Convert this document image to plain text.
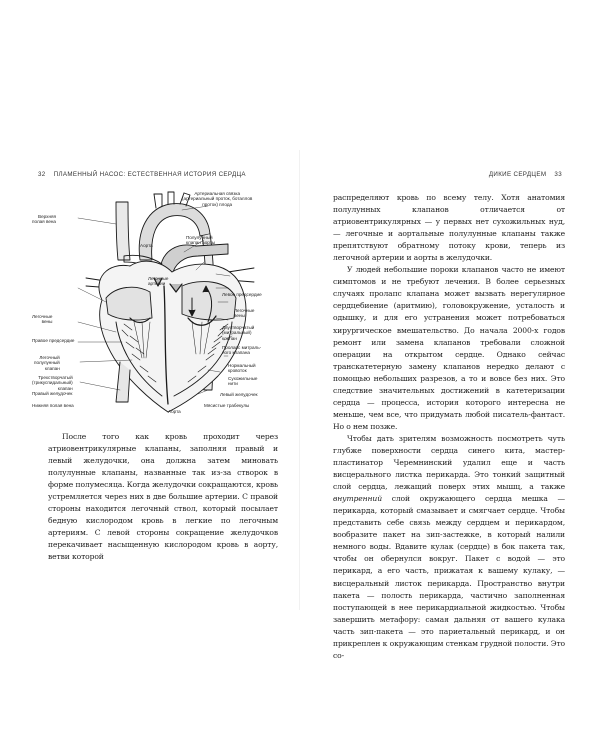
32 ПЛАМЕННЫЙ НАСОС: ЕСТЕСТВЕННАЯ ИСТОРИЯ СЕРДЦА
Верхняя
полая вена
Аорта
Артериальная связка
(артериальный проток, боталлов
проток) плода
Полулунный
клапан аорты
Легочные
артерии
Левое предсердие
Легочные
вены
Легочные
вены
Двустворчатый
(митральный)
клапан
Правое предсердие
Пролапс митраль-
ного клапана
Легочный
полулунный
клапан
Нормальный
кровоток
Трехстворчатый
(трикуспидальный)
клапан
Сухожильные
нити
Правый желудочек	Левый желудочек
Нижняя полая вена	Мясистые трабекулы
Аорта

После того как кровь проходит через атриовентрикулярные клапаны, заполняя правый и левый желудочки, она должна затем миновать полулунные клапаны, названные так из-за створок в форме полумесяца. Когда желудочки сокращаются, кровь устремляется через них в две большие артерии. С правой стороны находится легочный ствол, который посылает бедную кислородом кровь в легкие по легочным артериям. С левой стороны сокращение желудочков перекачивает насыщенную кислородом кровь в аорту, ветви которой

ДИКИЕ СЕРДЦЕМ 33

распределяют кровь по всему телу. Хотя анатомия полулунных клапанов отличается от атриовентрикулярных — у первых нет сухожильных нуд, — легочные и аортальные полулунные клапаны также препятствуют обратному потоку крови, теперь из легочной артерии и аорты в желудочки.

У людей небольшие пороки клапанов часто не имеют симптомов и не требуют лечения. В более серьезных случаях пролапс клапана может вызвать нерегулярное сердцебиение (аритмию), головокружение, усталость и одышку, и для его устранения может потребоваться хирургическое вмешательство. До начала 2000-х годов ремонт или замена клапанов требовали сложной операции на открытом сердце. Однако сейчас транскатетерную замену клапанов нередко делают с помощью небольших разрезов, а то и вовсе без них. Это следствие значительных достижений в катетеризации сердца — процесса, история которого интересна не меньше, чем все, что придумать любой писатель-фантаст. Но о нем позже.

Чтобы дать зрителям возможность посмотреть чуть глубже поверхности сердца синего кита, мастер-пластинатор Черемнинский удалил еще и часть висцерального листка перикарда. Это тонкий защитный слой сердца, лежащий поверх этих мышц, а также внутренний слой окружающего сердца мешка — перикарда, который смазывает и смягчает сердце. Чтобы представить себе связь между сердцем и перикардом, вообразите пакет на зип-застежке, в который налили немного воды. Вдавите кулак (сердце) в бок пакета так, чтобы он обернулся вокруг. Пакет с водой — это перикард, а его часть, прижатая к вашему кулаку, — висцеральный листок перикарда. Пространство внутри пакета — полость перикарда, частично заполненная поступающей в нее перикардиальной жидкостью. Чтобы завершить метафору: самая дальняя от вашего кулака часть зип-пакета — это париетальный перикард, и он прикреплен к окружающим стенкам грудной полости. Это со-
